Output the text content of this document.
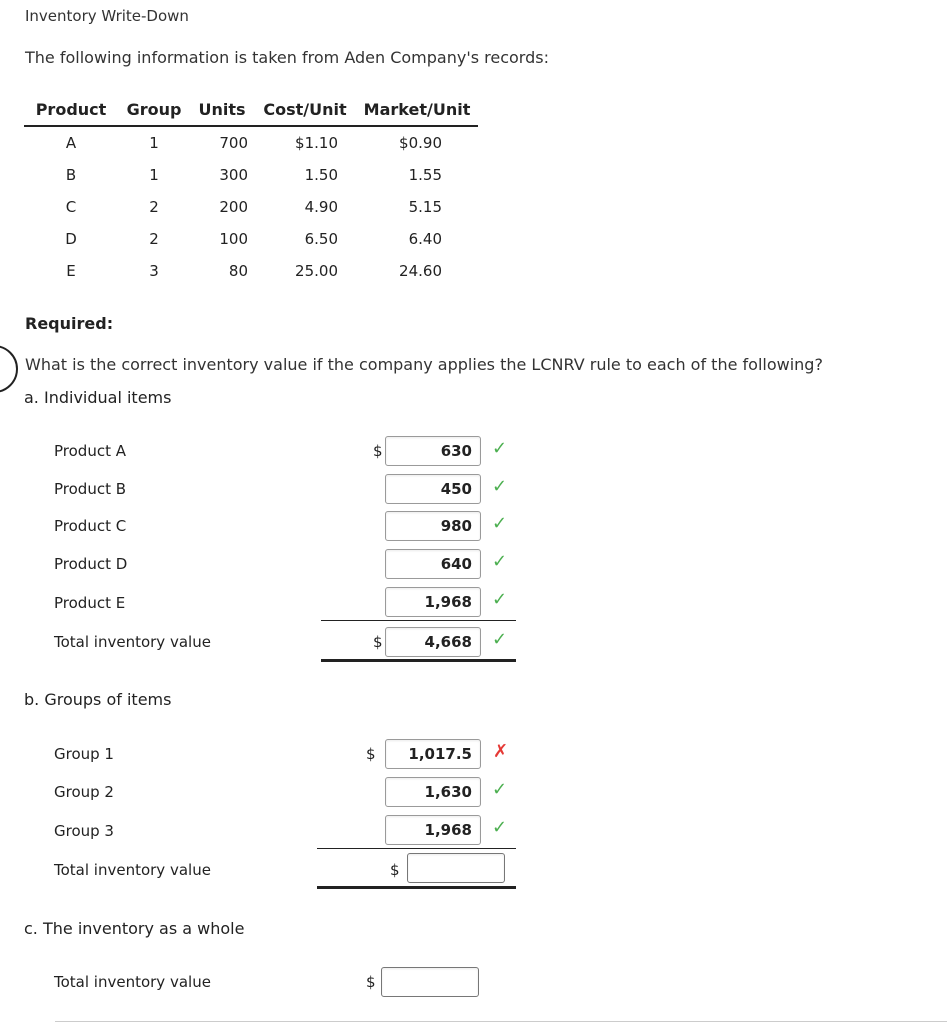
Inventory Write-Down
The following information is taken from Aden Company's records:
Product	Group	Units	Cost/Unit	Market/Unit
A	1	700	$1.10	$0.90
B	1	300	1.50	1.55
C	2	200	4.90	5.15
D	2	100	6.50	6.40
E	3	80	25.00	24.60
Required:
What is the correct inventory value if the company applies the LCNRV rule to each of the following?
a. Individual items
Product A	$	630	✓
Product B	450	✓
Product C	980	✓
Product D	640	✓
Product E	1,968	✓
Total inventory value	$	4,668	✓
b. Groups of items
Group 1	$	1,017.5	✗
Group 2	1,630	✓
Group 3	1,968	✓
Total inventory value	$
c. The inventory as a whole
Total inventory value	$
